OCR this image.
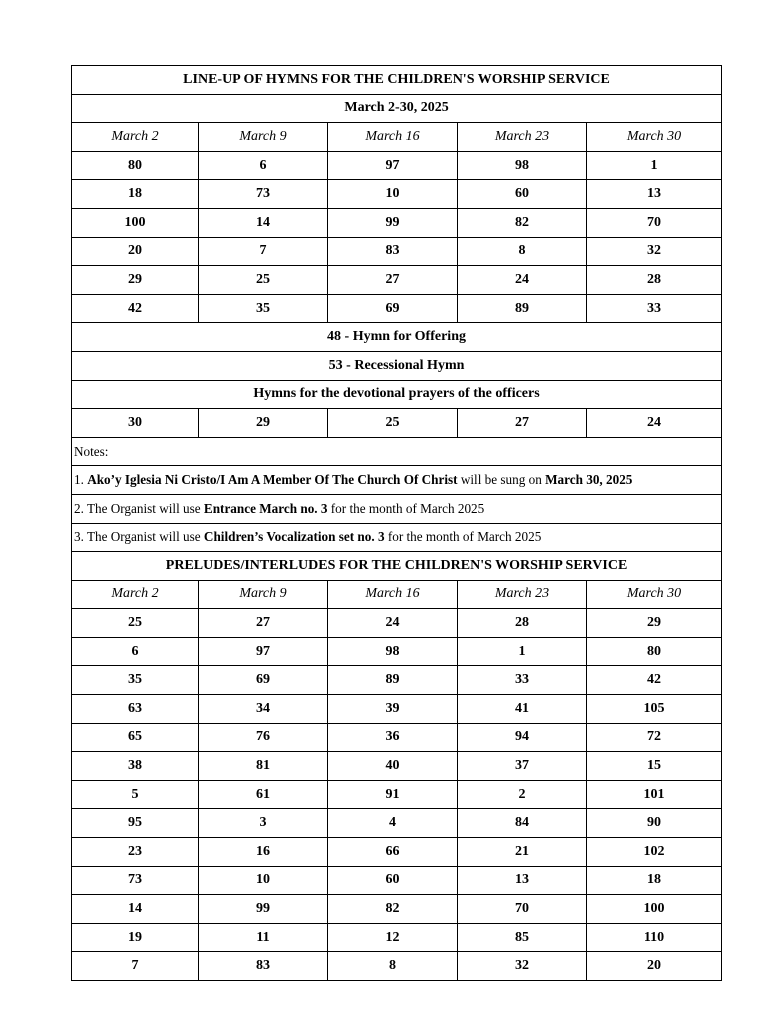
LINE-UP OF HYMNS FOR THE CHILDREN'S WORSHIP SERVICE				
March 2-30, 2025				
March 2	March 9	March 16	March 23	March 30
80	6	97	98	1
18	73	10	60	13
100	14	99	82	70
20	7	83	8	32
29	25	27	24	28
42	35	69	89	33
48 - Hymn for Offering				
53 - Recessional Hymn				
Hymns for the devotional prayers of the officers				
30	29	25	27	24
Notes:				
1. Ako’y Iglesia Ni Cristo/I Am A Member Of The Church Of Christ will be sung on March 30, 2025				
2. The Organist will use Entrance March no. 3 for the month of March 2025				
3. The Organist will use Children’s Vocalization set no. 3 for the month of March 2025				
PRELUDES/INTERLUDES FOR THE CHILDREN'S WORSHIP SERVICE				
March 2	March 9	March 16	March 23	March 30
25	27	24	28	29
6	97	98	1	80
35	69	89	33	42
63	34	39	41	105
65	76	36	94	72
38	81	40	37	15
5	61	91	2	101
95	3	4	84	90
23	16	66	21	102
73	10	60	13	18
14	99	82	70	100
19	11	12	85	110
7	83	8	32	20
